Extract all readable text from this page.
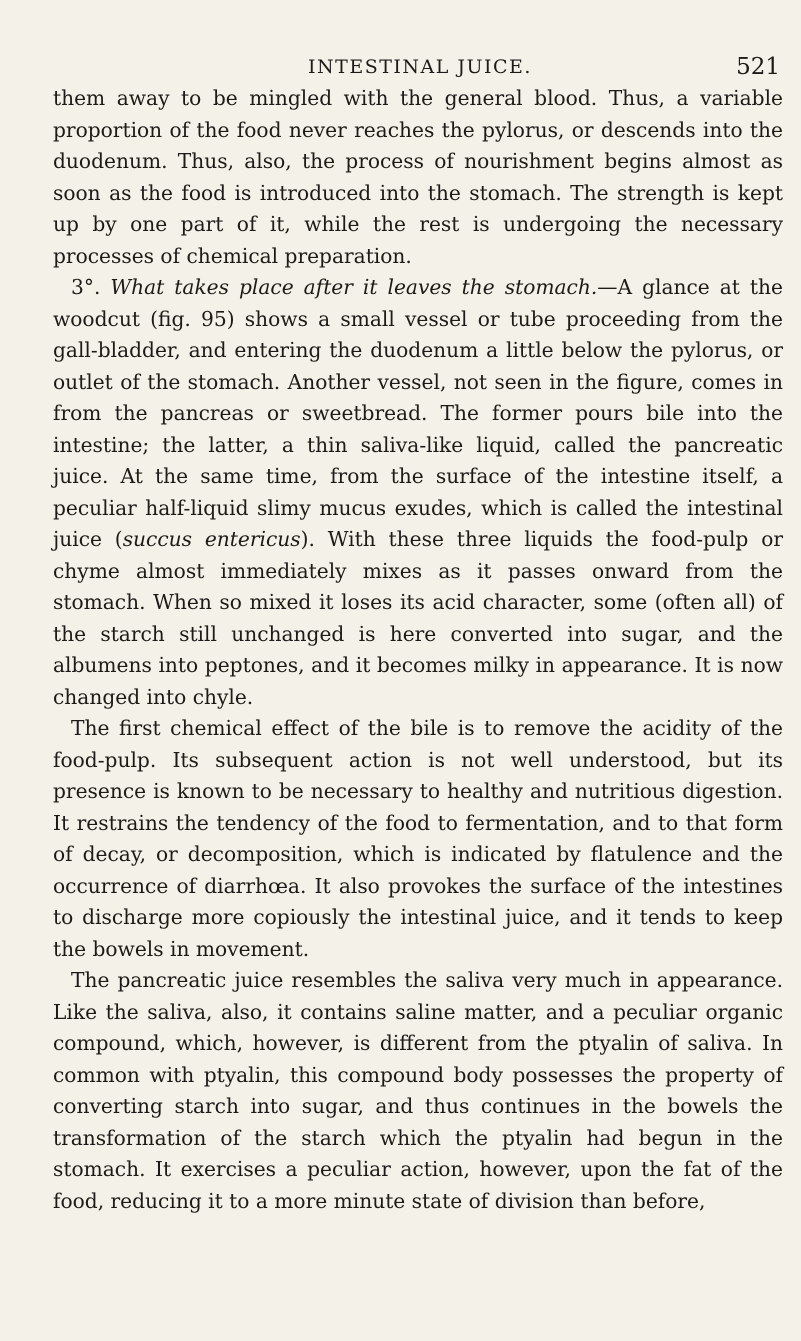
INTESTINAL JUICE.	521

them away to be mingled with the general blood. Thus, a variable proportion of the food never reaches the pylorus, or descends into the duodenum. Thus, also, the process of nourishment begins almost as soon as the food is introduced into the stomach. The strength is kept up by one part of it, while the rest is undergoing the necessary processes of chemical preparation.

3°. What takes place after it leaves the stomach.—A glance at the woodcut (fig. 95) shows a small vessel or tube proceeding from the gall-bladder, and entering the duodenum a little below the pylorus, or outlet of the stomach. Another vessel, not seen in the figure, comes in from the pancreas or sweetbread. The former pours bile into the intestine; the latter, a thin saliva-like liquid, called the pancreatic juice. At the same time, from the surface of the intestine itself, a peculiar half-liquid slimy mucus exudes, which is called the intestinal juice (succus entericus). With these three liquids the food-pulp or chyme almost immediately mixes as it passes onward from the stomach. When so mixed it loses its acid character, some (often all) of the starch still unchanged is here converted into sugar, and the albumens into peptones, and it becomes milky in appearance. It is now changed into chyle.

The first chemical effect of the bile is to remove the acidity of the food-pulp. Its subsequent action is not well understood, but its presence is known to be necessary to healthy and nutritious digestion. It restrains the tendency of the food to fermentation, and to that form of decay, or decomposition, which is indicated by flatulence and the occurrence of diarrhœa. It also provokes the surface of the intestines to discharge more copiously the intestinal juice, and it tends to keep the bowels in movement.

The pancreatic juice resembles the saliva very much in appearance. Like the saliva, also, it contains saline matter, and a peculiar organic compound, which, however, is different from the ptyalin of saliva. In common with ptyalin, this compound body possesses the property of converting starch into sugar, and thus continues in the bowels the transformation of the starch which the ptyalin had begun in the stomach. It exercises a peculiar action, however, upon the fat of the food, reducing it to a more minute state of division than before,
